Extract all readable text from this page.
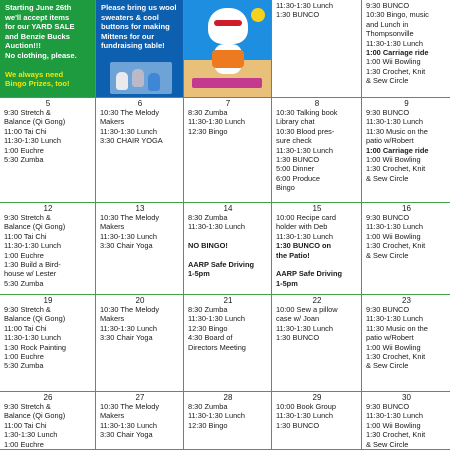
Starting June 26th
we'll accept items
for our YARD SALE
and Benzie Bucks
Auction!!!
No clothing, please.
We always need
Bingo Prizes, too!
Please bring us wool
sweaters & cool
buttons for making
Mittens for our
fundraising table!
11:30-1:30 Lunch
1:30 BUNCO
9:30 BUNCO
10:30 Bingo, music
and Lunch in
Thompsonville
11:30-1:30 Lunch
1:00 Carriage ride
1:00 Wii Bowling
1:30 Crochet, Knit
& Sew Circle
5
9:30 Stretch &
Balance (Qi Gong)
11:00 Tai Chi
11:30-1:30 Lunch
1:00 Euchre
5:30 Zumba
6
10:30 The Melody
Makers
11:30-1:30 Lunch
3:30 CHAIR YOGA
7
8:30 Zumba
11:30-1:30 Lunch
12:30 Bingo
8
10:30 Talking book
Library chat
10:30 Blood pres-
sure check
11:30-1:30 Lunch
1:30 BUNCO
5:00 Dinner
6:00 Produce
Bingo
9
9:30 BUNCO
11:30-1:30 Lunch
11:30 Music on the
patio w/Robert
1:00 Carriage ride
1:00 Wii Bowling
1:30 Crochet, Knit
& Sew Circle
12
9:30 Stretch &
Balance (Qi Gong)
11:00 Tai Chi
11:30-1:30 Lunch
1:00 Euchre
1:30 Build a Bird-
house w/ Lester
5:30 Zumba
13
10:30 The Melody
Makers
11:30-1:30 Lunch
3:30 Chair Yoga
14
8:30 Zumba
11:30-1:30 Lunch

NO BINGO!

AARP Safe Driving
1-5pm
15
10:00 Recipe card
holder with Deb
11:30-1:30 Lunch
1:30 BUNCO on
the Patio!

AARP Safe Driving
1-5pm
16
9:30 BUNCO
11:30-1:30 Lunch
1:00 Wii Bowling
1:30 Crochet, Knit
& Sew Circle
19
9:30 Stretch &
Balance (Qi Gong)
11:00 Tai Chi
11:30-1:30 Lunch
1:30 Rock Painting
1:00 Euchre
5:30 Zumba
20
10:30 The Melody
Makers
11:30-1:30 Lunch
3:30 Chair Yoga
21
8:30 Zumba
11:30-1:30 Lunch
12:30 Bingo
4:30 Board of
Directors Meeting
22
10:00 Sew a pillow
case w/ Joan
11:30-1:30 Lunch
1:30 BUNCO
23
9:30 BUNCO
11:30-1:30 Lunch
11:30 Music on the
patio w/Robert
1:00 Wii Bowling
1:30 Crochet, Knit
& Sew Circle
26
9:30 Stretch &
Balance (Qi Gong)
11:00 Tai Chi
1:30-1:30 Lunch
1:00 Euchre
27
10:30 The Melody
Makers
11:30-1:30 Lunch
3:30 Chair Yoga
28
8:30 Zumba
11:30-1:30 Lunch
12:30 Bingo
29
10:00 Book Group
11:30-1:30 Lunch
1:30 BUNCO
30
9:30 BUNCO
11:30-1:30 Lunch
1:00 Wii Bowling
1:30 Crochet, Knit
& Sew Circle
